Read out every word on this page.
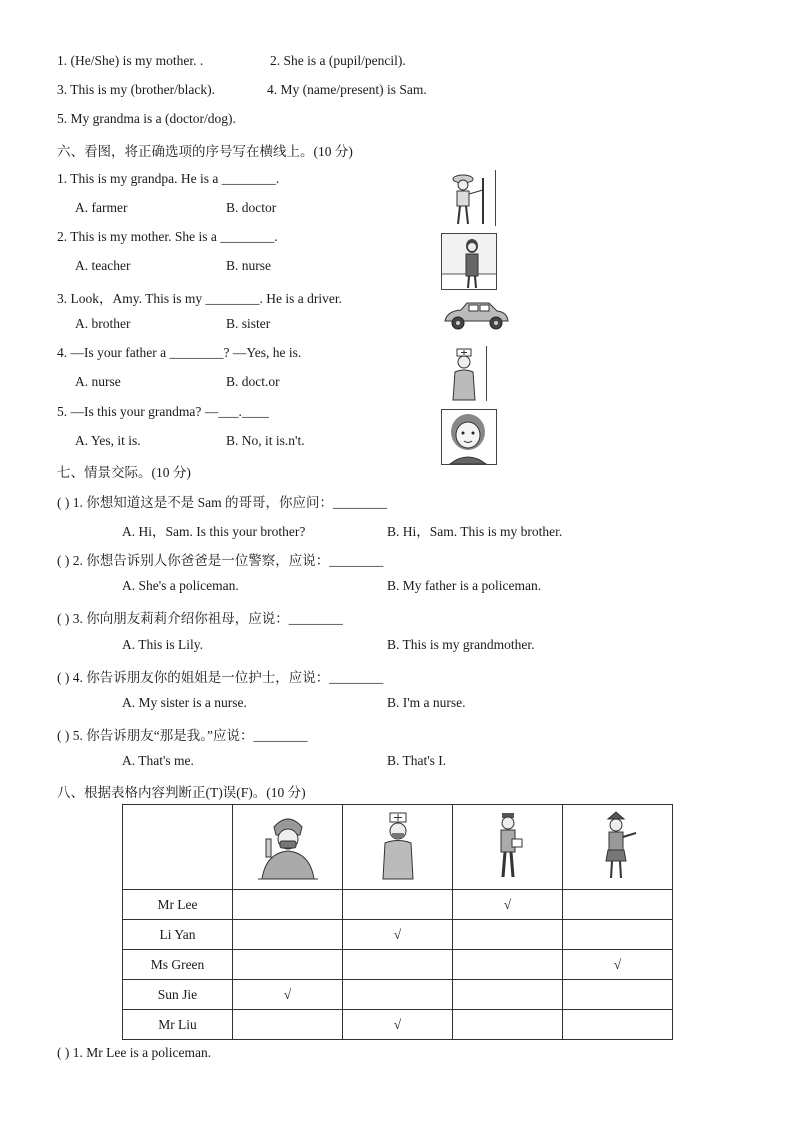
1. (He/She) is my mother. .	2. She is a (pupil/pencil).
3. This is my (brother/black).	4. My (name/present) is Sam.
5. My grandma is a (doctor/dog).
六、看图，将正确选项的序号写在横线上。(10 分)
1. This is my grandpa. He is a ________.
A. farmer	B. doctor
2. This is my mother. She is a ________.
A. teacher	B. nurse
3. Look，Amy. This is my ________. He is a driver.
A. brother	B. sister
4. —Is your father a ________? —Yes, he is.
A. nurse	B. doct.or
5. —Is this your grandma? —___.____
A. Yes, it is.	B. No, it is.n't.
七、情景交际。(10 分)
( ) 1. 你想知道这是不是 Sam 的哥哥，你应问：________
A. Hi，Sam. Is this your brother?	B. Hi，Sam. This is my brother.
( ) 2. 你想告诉别人你爸爸是一位警察，应说：________
A. She's a policeman.	B. My father is a policeman.
( ) 3. 你向朋友莉莉介绍你祖母，应说：________
A. This is Lily.	B. This is my grandmother.
( ) 4. 你告诉朋友你的姐姐是一位护士，应说：________
A. My sister is a nurse.	B. I'm a nurse.
( ) 5. 你告诉朋友“那是我。”应说：________
A. That's me.	B. That's I.
八、根据表格内容判断正(T)误(F)。(10 分)

Mr Lee			√	
Li Yan		√		
Ms Green				√
Sun Jie	√			
Mr Liu		√		
( ) 1. Mr Lee is a policeman.
